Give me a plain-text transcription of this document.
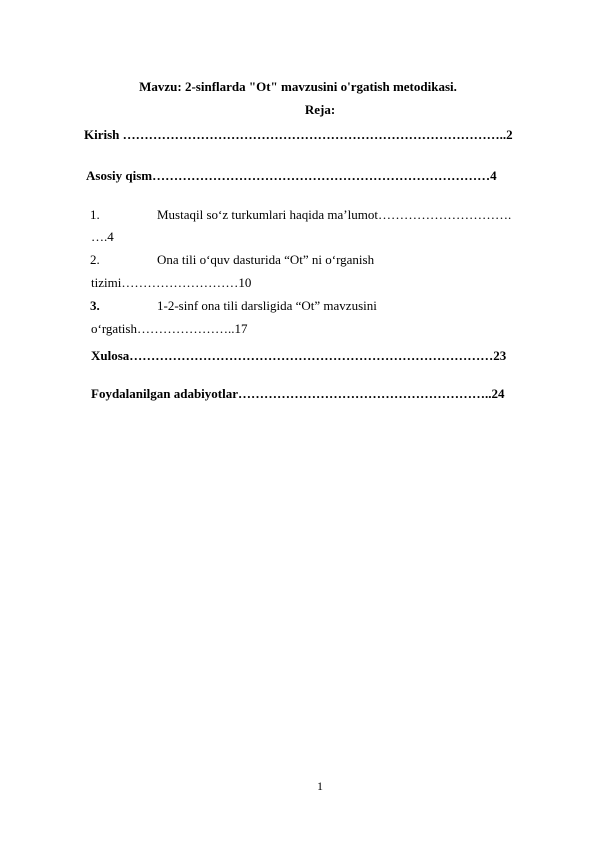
Mavzu: 2-sinflarda "Ot" mavzusini o'rgatish metodikasi.
Reja:
Kirish ……………………………………………………………………………..2
Asosiy qism……………………………………………………………………4
1.	Mustaqil so‘z turkumlari haqida ma’lumot………………………….
….4
2.	Ona tili o‘quv dasturida “Ot” ni o‘rganish
tizimi………………………10
3.	1-2-sinf ona tili darsligida “Ot” mavzusini
o‘rgatish…………………..17
Xulosa…………………………………………………………………………23
Foydalanilgan adabiyotlar…………………………………………………..24
1
